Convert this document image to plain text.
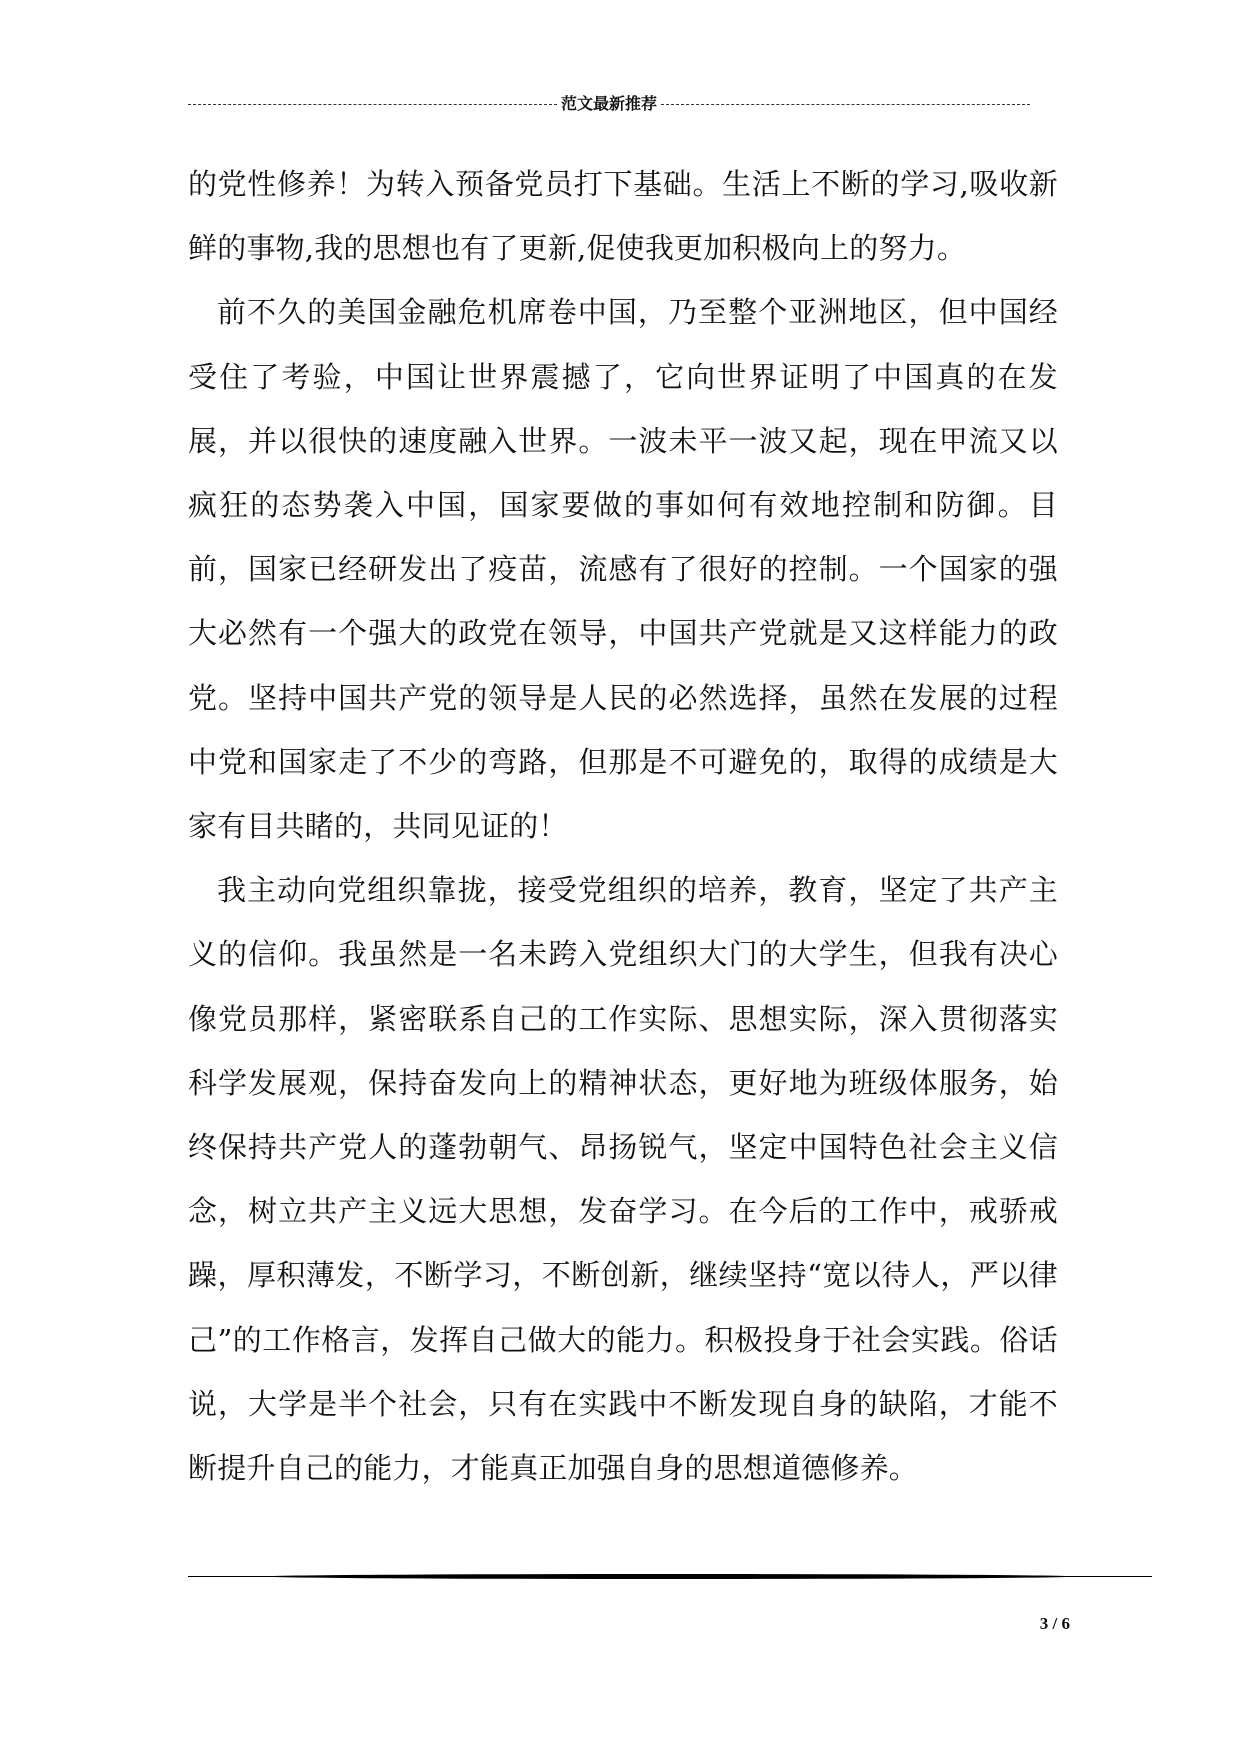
范文最新推荐

的党性修养！为转入预备党员打下基础。生活上不断的学习,吸收新鲜的事物,我的思想也有了更新,促使我更加积极向上的努力。

前不久的美国金融危机席卷中国，乃至整个亚洲地区，但中国经受住了考验，中国让世界震撼了，它向世界证明了中国真的在发展，并以很快的速度融入世界。一波未平一波又起，现在甲流又以疯狂的态势袭入中国，国家要做的事如何有效地控制和防御。目前，国家已经研发出了疫苗，流感有了很好的控制。一个国家的强大必然有一个强大的政党在领导，中国共产党就是又这样能力的政党。坚持中国共产党的领导是人民的必然选择，虽然在发展的过程中党和国家走了不少的弯路，但那是不可避免的，取得的成绩是大家有目共睹的，共同见证的！

我主动向党组织靠拢，接受党组织的培养，教育，坚定了共产主义的信仰。我虽然是一名未跨入党组织大门的大学生，但我有决心像党员那样，紧密联系自己的工作实际、思想实际，深入贯彻落实科学发展观，保持奋发向上的精神状态，更好地为班级体服务，始终保持共产党人的蓬勃朝气、昂扬锐气，坚定中国特色社会主义信念，树立共产主义远大思想，发奋学习。在今后的工作中，戒骄戒躁，厚积薄发，不断学习，不断创新，继续坚持“宽以待人，严以律己”的工作格言，发挥自己做大的能力。积极投身于社会实践。俗话说，大学是半个社会，只有在实践中不断发现自身的缺陷，才能不断提升自己的能力，才能真正加强自身的思想道德修养。

3 / 6
